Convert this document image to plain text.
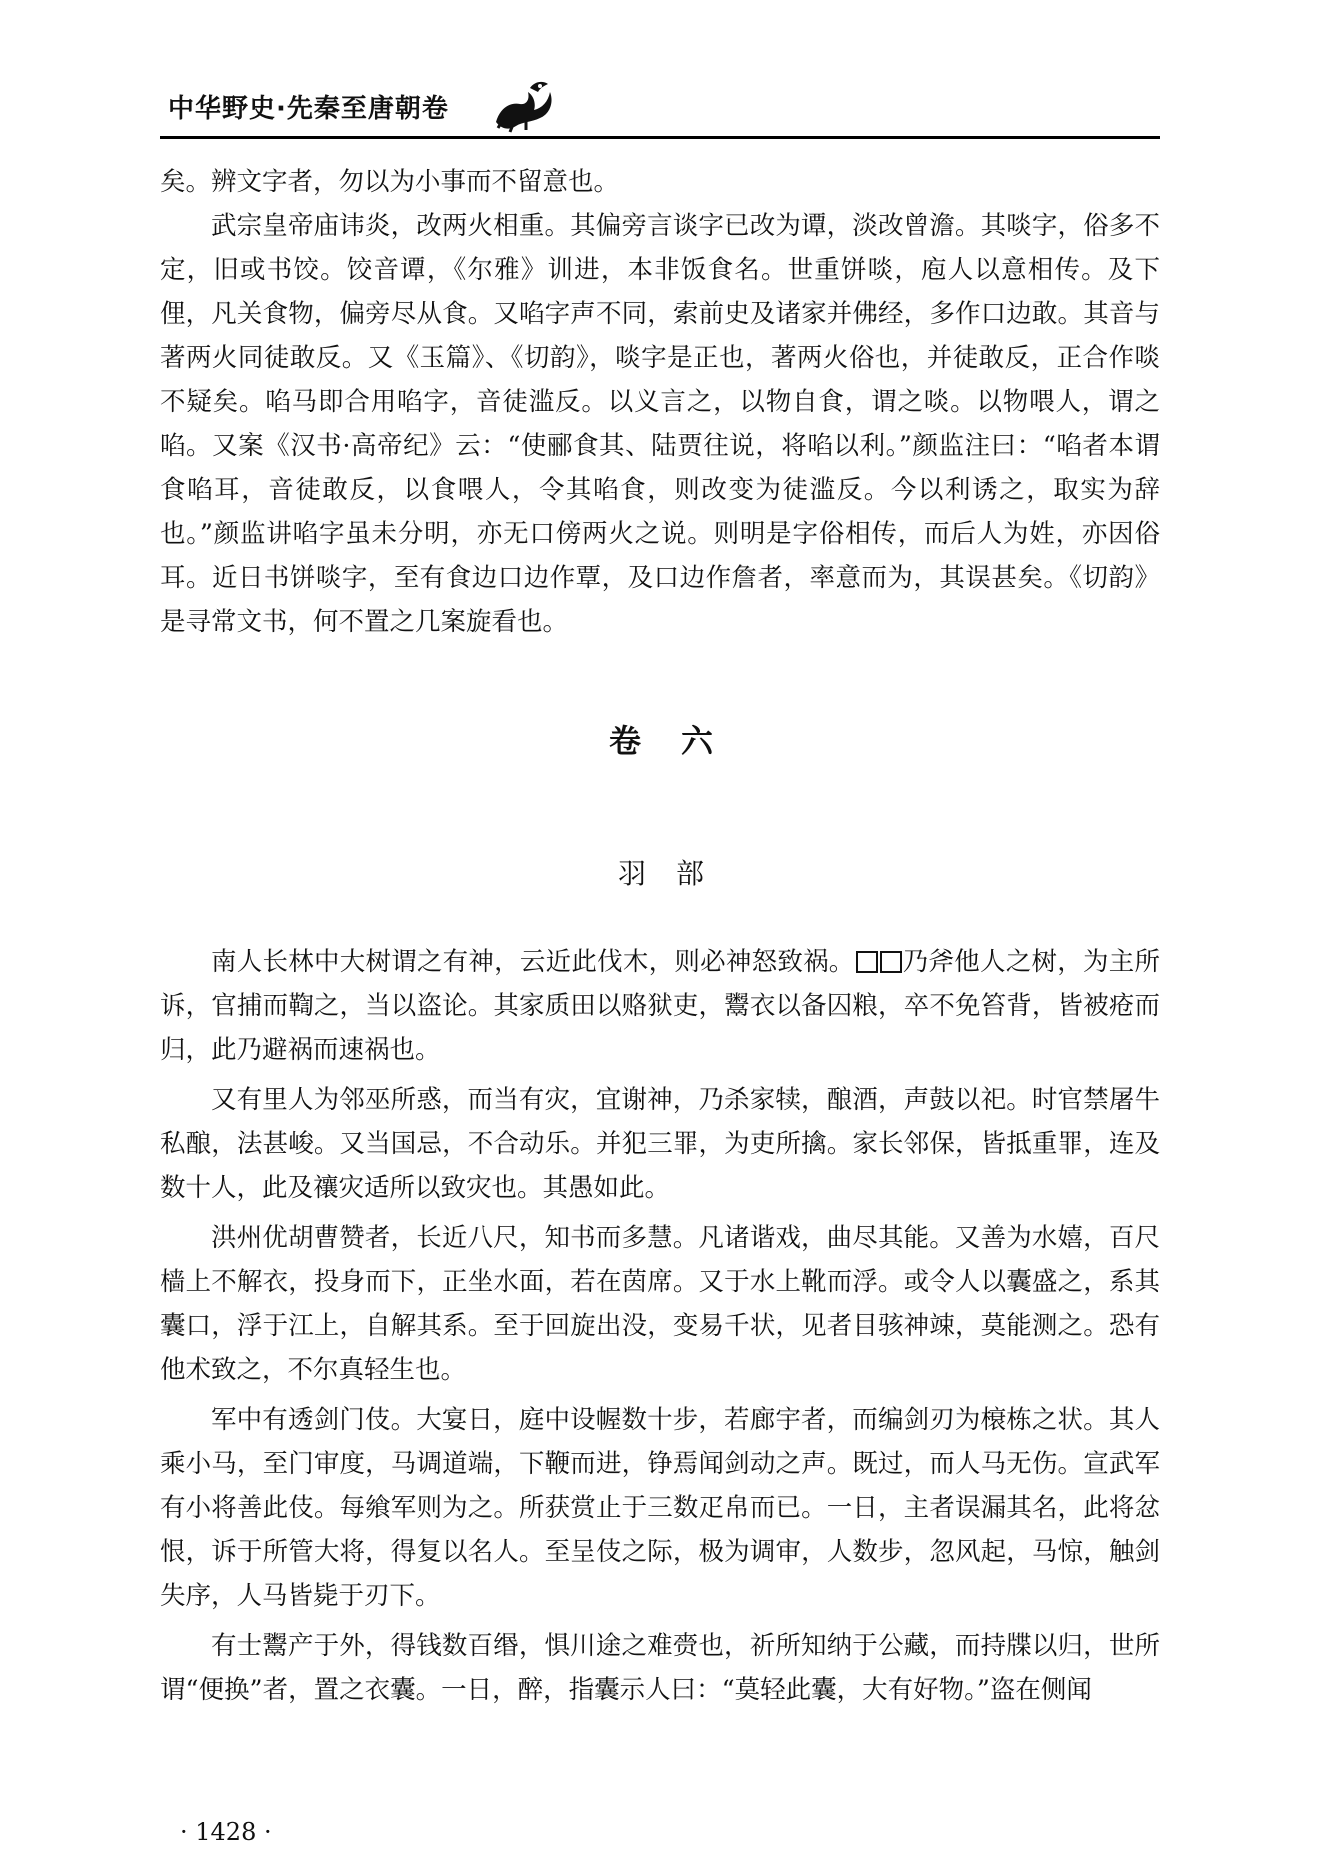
中华野史·先秦至唐朝卷

矣。辨文字者，勿以为小事而不留意也。

武宗皇帝庙讳炎，改两火相重。其偏旁言谈字已改为谭，淡改曾澹。其啖字，俗多不定，旧或书饺。饺音谭，《尔雅》训进，本非饭食名。世重饼啖，庖人以意相传。及下俚，凡关食物，偏旁尽从食。又啗字声不同，索前史及诸家并佛经，多作口边敢。其音与著两火同徒敢反。又《玉篇》、《切韵》，啖字是正也，著两火俗也，并徒敢反，正合作啖不疑矣。啗马即合用啗字，音徒滥反。以义言之，以物自食，谓之啖。以物喂人，谓之啗。又案《汉书·高帝纪》云：“使郦食其、陆贾往说，将啗以利。”颜监注曰：“啗者本谓食啗耳，音徒敢反，以食喂人，令其啗食，则改变为徒滥反。今以利诱之，取实为辞也。”颜监讲啗字虽未分明，亦无口傍两火之说。则明是字俗相传，而后人为姓，亦因俗耳。近日书饼啖字，至有食边口边作覃，及口边作詹者，率意而为，其误甚矣。《切韵》是寻常文书，何不置之几案旋看也。

卷六
羽部

南人长林中大树谓之有神，云近此伐木，则必神怒致祸。 乃斧他人之树，为主所诉，官捕而鞫之，当以盗论。其家质田以赂狱吏，鬻衣以备囚粮，卒不免笞背，皆被疮而归，此乃避祸而速祸也。

又有里人为邻巫所惑，而当有灾，宜谢神，乃杀家犊，酿酒，声鼓以祀。时官禁屠牛私酿，法甚峻。又当国忌，不合动乐。并犯三罪，为吏所擒。家长邻保，皆抵重罪，连及数十人，此及禳灾适所以致灾也。其愚如此。

洪州优胡曹赞者，长近八尺，知书而多慧。凡诸谐戏，曲尽其能。又善为水嬉，百尺樯上不解衣，投身而下，正坐水面，若在茵席。又于水上靴而浮。或令人以囊盛之，系其囊口，浮于江上，自解其系。至于回旋出没，变易千状，见者目骇神竦，莫能测之。恐有他术致之，不尔真轻生也。

军中有透剑门伎。大宴日，庭中设幄数十步，若廊宇者，而编剑刃为榱栋之状。其人乘小马，至门审度，马调道端，下鞭而进，铮焉闻剑动之声。既过，而人马无伤。宣武军有小将善此伎。每飨军则为之。所获赏止于三数疋帛而已。一日，主者误漏其名，此将忿恨，诉于所管大将，得复以名人。至呈伎之际，极为调审，人数步，忽风起，马惊，触剑失序，人马皆毙于刃下。

有士鬻产于外，得钱数百缗，惧川途之难赍也，祈所知纳于公藏，而持牒以归，世所谓“便换”者，置之衣囊。一日，醉，指囊示人曰：“莫轻此囊，大有好物。”盗在侧闻

· 1428 ·
